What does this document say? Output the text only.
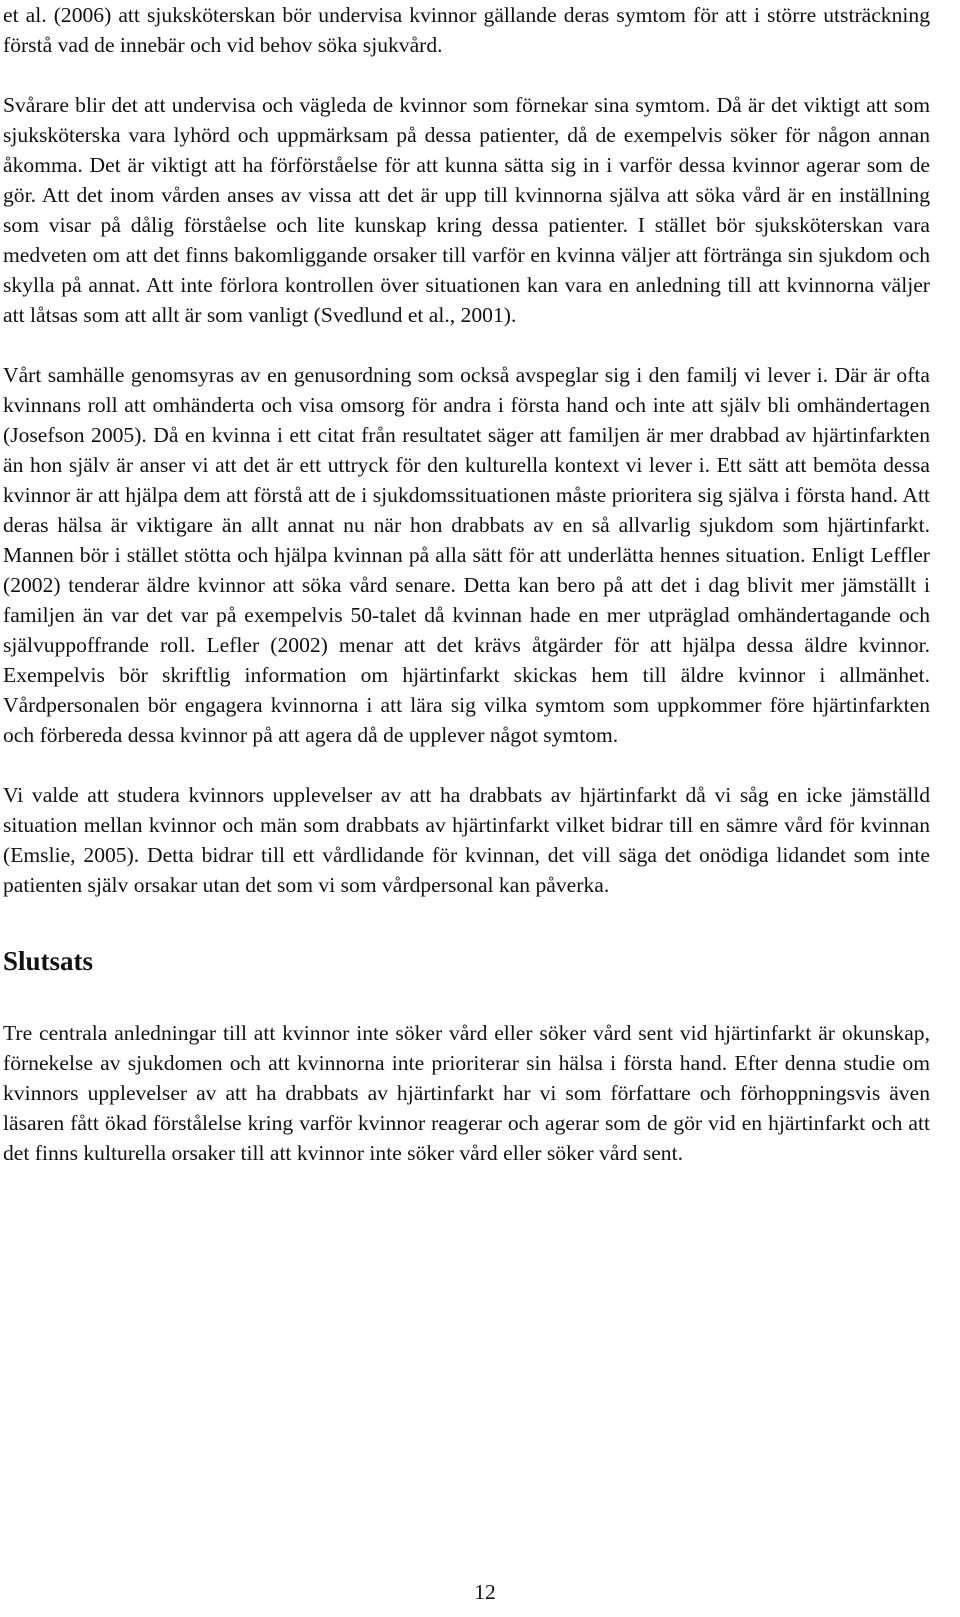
et al. (2006) att sjuksköterskan bör undervisa kvinnor gällande deras symtom för att i större utsträckning förstå vad de innebär och vid behov söka sjukvård.

Svårare blir det att undervisa och vägleda de kvinnor som förnekar sina symtom. Då är det viktigt att som sjuksköterska vara lyhörd och uppmärksam på dessa patienter, då de exempelvis söker för någon annan åkomma. Det är viktigt att ha förförståelse för att kunna sätta sig in i varför dessa kvinnor agerar som de gör. Att det inom vården anses av vissa att det är upp till kvinnorna själva att söka vård är en inställning som visar på dålig förståelse och lite kunskap kring dessa patienter. I stället bör sjuksköterskan vara medveten om att det finns bakomliggande orsaker till varför en kvinna väljer att förtränga sin sjukdom och skylla på annat. Att inte förlora kontrollen över situationen kan vara en anledning till att kvinnorna väljer att låtsas som att allt är som vanligt (Svedlund et al., 2001).

Vårt samhälle genomsyras av en genusordning som också avspeglar sig i den familj vi lever i. Där är ofta kvinnans roll att omhänderta och visa omsorg för andra i första hand och inte att själv bli omhändertagen (Josefson 2005). Då en kvinna i ett citat från resultatet säger att familjen är mer drabbad av hjärtinfarkten än hon själv är anser vi att det är ett uttryck för den kulturella kontext vi lever i. Ett sätt att bemöta dessa kvinnor är att hjälpa dem att förstå att de i sjukdomssituationen måste prioritera sig själva i första hand. Att deras hälsa är viktigare än allt annat nu när hon drabbats av en så allvarlig sjukdom som hjärtinfarkt. Mannen bör i stället stötta och hjälpa kvinnan på alla sätt för att underlätta hennes situation. Enligt Leffler (2002) tenderar äldre kvinnor att söka vård senare. Detta kan bero på att det i dag blivit mer jämställt i familjen än var det var på exempelvis 50-talet då kvinnan hade en mer utpräglad omhändertagande och självuppoffrande roll. Lefler (2002) menar att det krävs åtgärder för att hjälpa dessa äldre kvinnor. Exempelvis bör skriftlig information om hjärtinfarkt skickas hem till äldre kvinnor i allmänhet. Vårdpersonalen bör engagera kvinnorna i att lära sig vilka symtom som uppkommer före hjärtinfarkten och förbereda dessa kvinnor på att agera då de upplever något symtom.

Vi valde att studera kvinnors upplevelser av att ha drabbats av hjärtinfarkt då vi såg en icke jämställd situation mellan kvinnor och män som drabbats av hjärtinfarkt vilket bidrar till en sämre vård för kvinnan (Emslie, 2005). Detta bidrar till ett vårdlidande för kvinnan, det vill säga det onödiga lidandet som inte patienten själv orsakar utan det som vi som vårdpersonal kan påverka.

Slutsats

Tre centrala anledningar till att kvinnor inte söker vård eller söker vård sent vid hjärtinfarkt är okunskap, förnekelse av sjukdomen och att kvinnorna inte prioriterar sin hälsa i första hand. Efter denna studie om kvinnors upplevelser av att ha drabbats av hjärtinfarkt har vi som författare och förhoppningsvis även läsaren fått ökad förstålelse kring varför kvinnor reagerar och agerar som de gör vid en hjärtinfarkt och att det finns kulturella orsaker till att kvinnor inte söker vård eller söker vård sent.

12
